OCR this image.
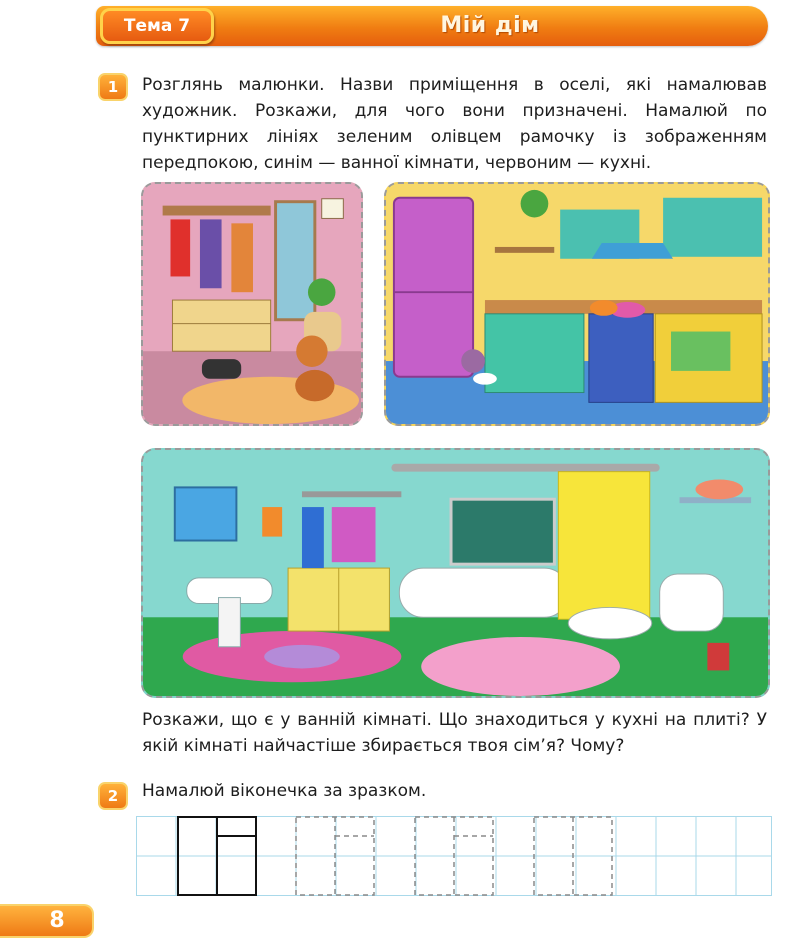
Тема 7	Мій дім
1	Розглянь малюнки. Назви приміщення в оселі, які намалював художник. Розкажи, для чого вони призначені. Намалюй по пунктирних лініях зеленим олівцем рамочку із зображенням передпокою, синім — ванної кімнати, червоним — кухні.
Розкажи, що є у ванній кімнаті. Що знаходиться у кухні на плиті? У якій кімнаті найчастіше збирається твоя сім’я? Чому?
2	Намалюй віконечка за зразком.
8
